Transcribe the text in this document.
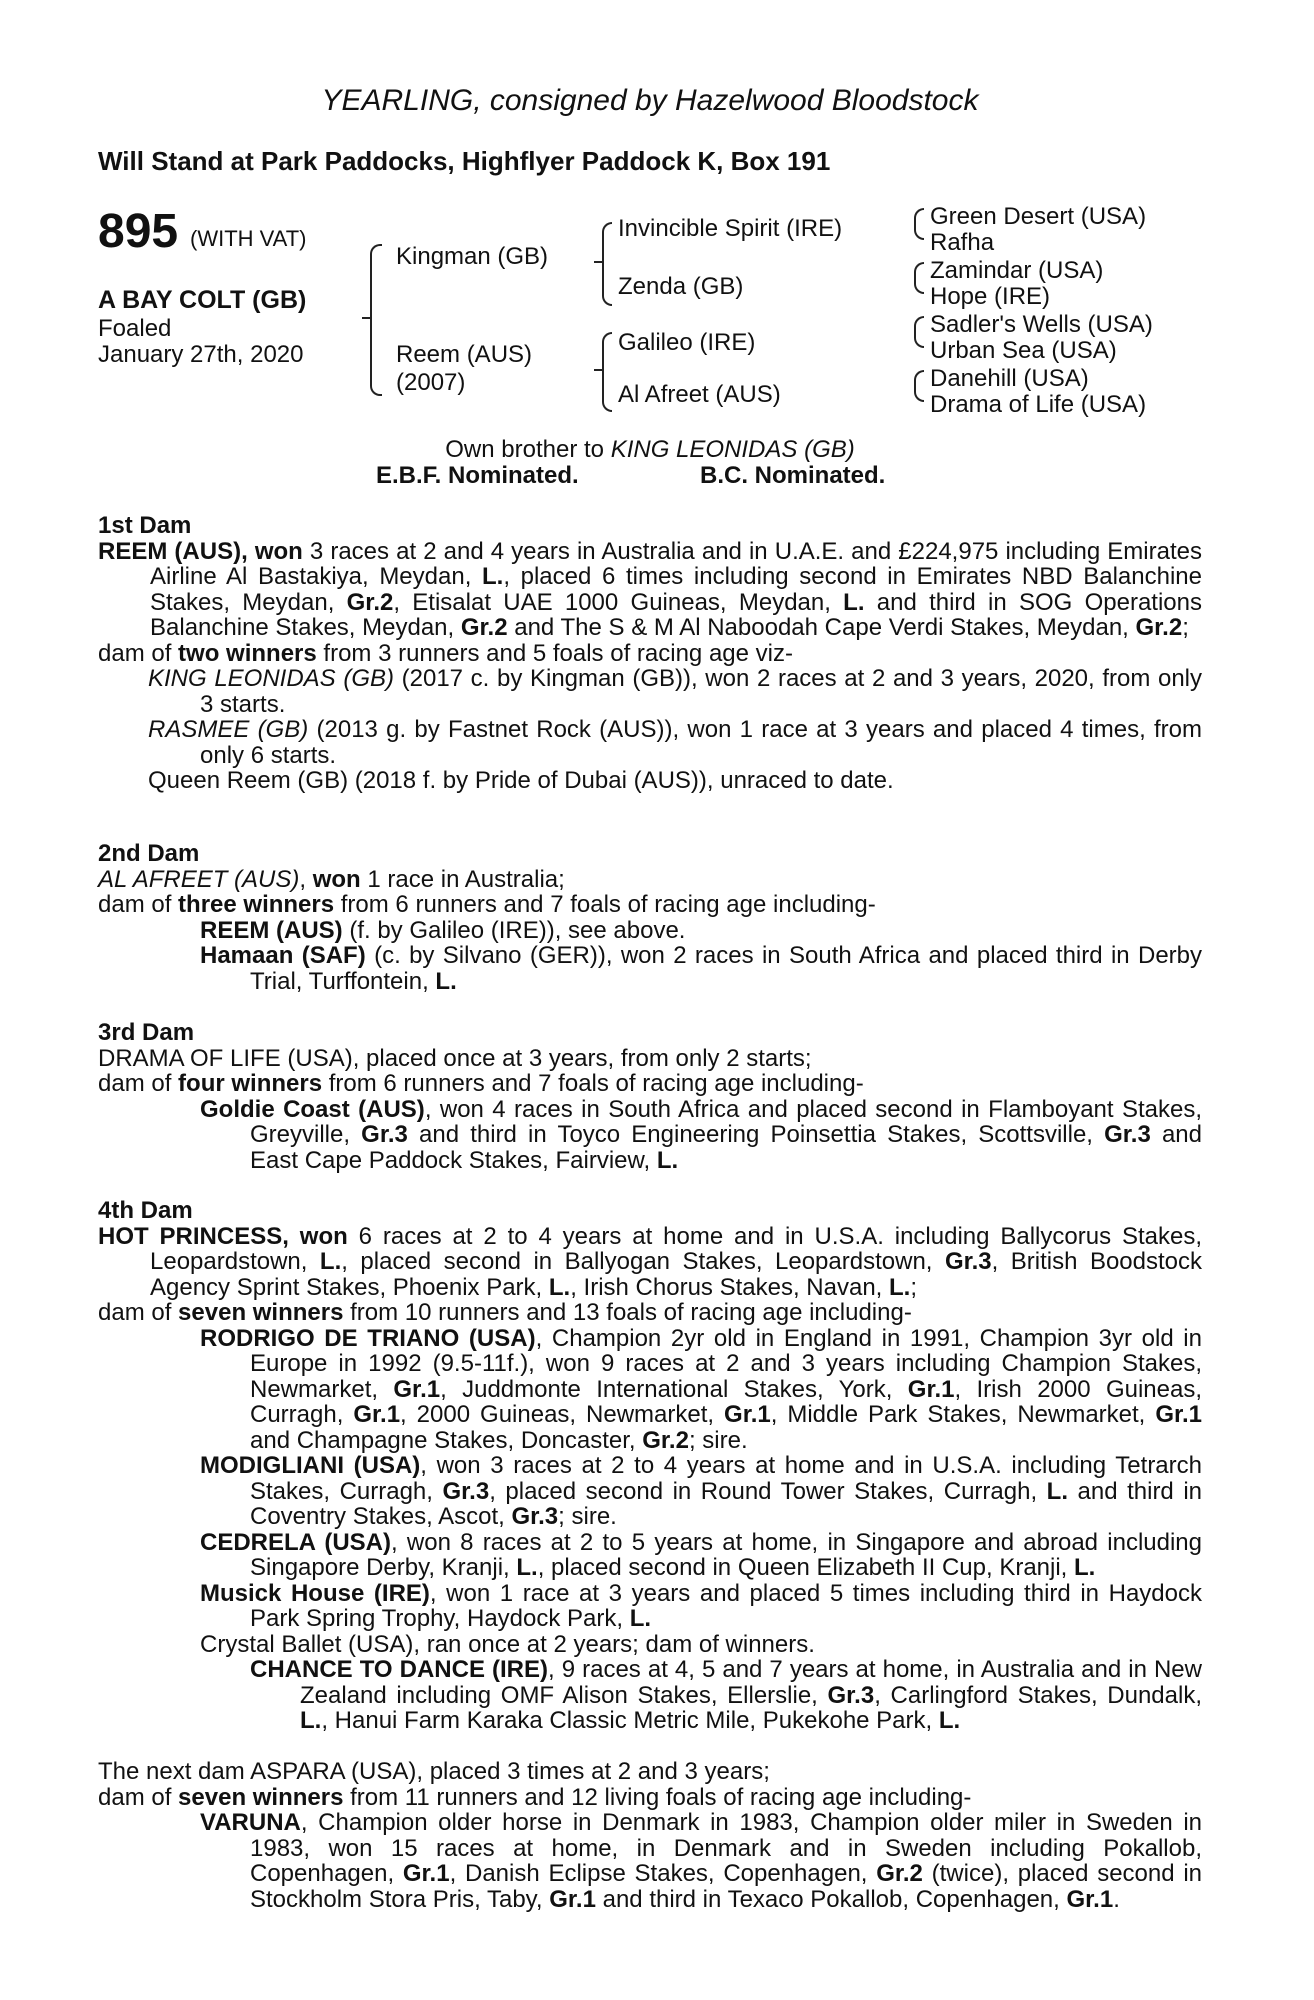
YEARLING, consigned by Hazelwood Bloodstock
Will Stand at Park Paddocks, Highflyer Paddock K, Box 191
895 (WITH VAT)
A BAY COLT (GB)
Foaled
January 27th, 2020
Kingman (GB)
Reem (AUS)
(2007)
Invincible Spirit (IRE)
Zenda (GB)
Galileo (IRE)
Al Afreet (AUS)
Green Desert (USA)
Rafha
Zamindar (USA)
Hope (IRE)
Sadler's Wells (USA)
Urban Sea (USA)
Danehill (USA)
Drama of Life (USA)
Own brother to KING LEONIDAS (GB)
E.B.F. Nominated.	B.C. Nominated.

1st Dam

REEM (AUS), won 3 races at 2 and 4 years in Australia and in U.A.E. and £224,975 including Emirates Airline Al Bastakiya, Meydan, L., placed 6 times including second in Emirates NBD Balanchine Stakes, Meydan, Gr.2, Etisalat UAE 1000 Guineas, Meydan, L. and third in SOG Operations Balanchine Stakes, Meydan, Gr.2 and The S & M Al Naboodah Cape Verdi Stakes, Meydan, Gr.2;

dam of two winners from 3 runners and 5 foals of racing age viz-

KING LEONIDAS (GB) (2017 c. by Kingman (GB)), won 2 races at 2 and 3 years, 2020, from only 3 starts.

RASMEE (GB) (2013 g. by Fastnet Rock (AUS)), won 1 race at 3 years and placed 4 times, from only 6 starts.

Queen Reem (GB) (2018 f. by Pride of Dubai (AUS)), unraced to date.

2nd Dam

AL AFREET (AUS), won 1 race in Australia;

dam of three winners from 6 runners and 7 foals of racing age including-

REEM (AUS) (f. by Galileo (IRE)), see above.

Hamaan (SAF) (c. by Silvano (GER)), won 2 races in South Africa and placed third in Derby Trial, Turffontein, L.

3rd Dam

DRAMA OF LIFE (USA), placed once at 3 years, from only 2 starts;

dam of four winners from 6 runners and 7 foals of racing age including-

Goldie Coast (AUS), won 4 races in South Africa and placed second in Flamboyant Stakes, Greyville, Gr.3 and third in Toyco Engineering Poinsettia Stakes, Scottsville, Gr.3 and East Cape Paddock Stakes, Fairview, L.

4th Dam

HOT PRINCESS, won 6 races at 2 to 4 years at home and in U.S.A. including Ballycorus Stakes, Leopardstown, L., placed second in Ballyogan Stakes, Leopardstown, Gr.3, British Boodstock Agency Sprint Stakes, Phoenix Park, L., Irish Chorus Stakes, Navan, L.;

dam of seven winners from 10 runners and 13 foals of racing age including-

RODRIGO DE TRIANO (USA), Champion 2yr old in England in 1991, Champion 3yr old in Europe in 1992 (9.5-11f.), won 9 races at 2 and 3 years including Champion Stakes, Newmarket, Gr.1, Juddmonte International Stakes, York, Gr.1, Irish 2000 Guineas, Curragh, Gr.1, 2000 Guineas, Newmarket, Gr.1, Middle Park Stakes, Newmarket, Gr.1 and Champagne Stakes, Doncaster, Gr.2; sire.

MODIGLIANI (USA), won 3 races at 2 to 4 years at home and in U.S.A. including Tetrarch Stakes, Curragh, Gr.3, placed second in Round Tower Stakes, Curragh, L. and third in Coventry Stakes, Ascot, Gr.3; sire.

CEDRELA (USA), won 8 races at 2 to 5 years at home, in Singapore and abroad including Singapore Derby, Kranji, L., placed second in Queen Elizabeth II Cup, Kranji, L.

Musick House (IRE), won 1 race at 3 years and placed 5 times including third in Haydock Park Spring Trophy, Haydock Park, L.

Crystal Ballet (USA), ran once at 2 years; dam of winners.

CHANCE TO DANCE (IRE), 9 races at 4, 5 and 7 years at home, in Australia and in New Zealand including OMF Alison Stakes, Ellerslie, Gr.3, Carlingford Stakes, Dundalk, L., Hanui Farm Karaka Classic Metric Mile, Pukekohe Park, L.

The next dam ASPARA (USA), placed 3 times at 2 and 3 years;

dam of seven winners from 11 runners and 12 living foals of racing age including-

VARUNA, Champion older horse in Denmark in 1983, Champion older miler in Sweden in 1983, won 15 races at home, in Denmark and in Sweden including Pokallob, Copenhagen, Gr.1, Danish Eclipse Stakes, Copenhagen, Gr.2 (twice), placed second in Stockholm Stora Pris, Taby, Gr.1 and third in Texaco Pokallob, Copenhagen, Gr.1.
